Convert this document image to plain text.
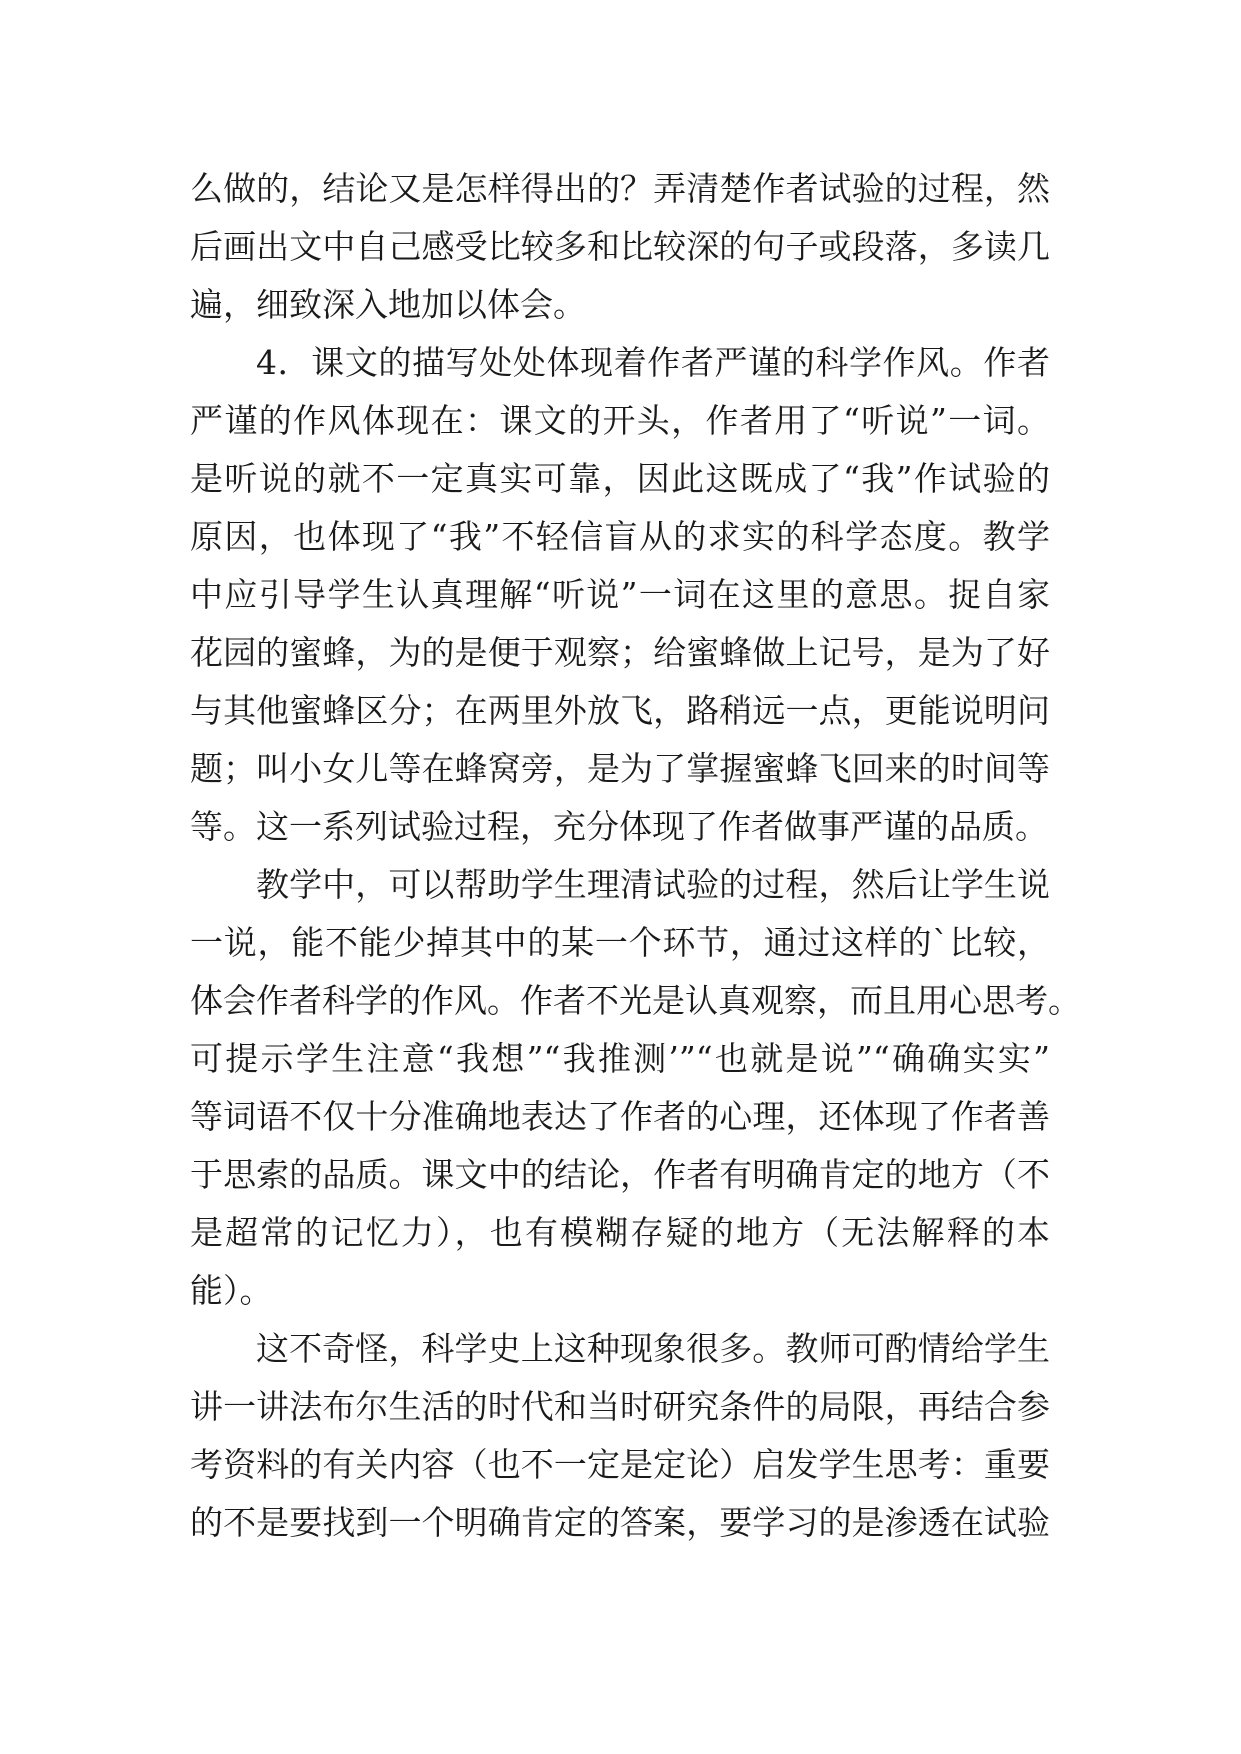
么做的，结论又是怎样得出的？弄清楚作者试验的过程，然
后画出文中自己感受比较多和比较深的句子或段落，多读几
遍，细致深入地加以体会。
4．课文的描写处处体现着作者严谨的科学作风。作者
严谨的作风体现在：课文的开头，作者用了“听说”一词。
是听说的就不一定真实可靠，因此这既成了“我”作试验的
原因，也体现了“我”不轻信盲从的求实的科学态度。教学
中应引导学生认真理解“听说”一词在这里的意思。捉自家
花园的蜜蜂，为的是便于观察；给蜜蜂做上记号，是为了好
与其他蜜蜂区分；在两里外放飞，路稍远一点，更能说明问
题；叫小女儿等在蜂窝旁，是为了掌握蜜蜂飞回来的时间等
等。这一系列试验过程，充分体现了作者做事严谨的品质。
教学中，可以帮助学生理清试验的过程，然后让学生说
一说，能不能少掉其中的某一个环节，通过这样的`比较，
体会作者科学的作风。作者不光是认真观察，而且用心思考。
可提示学生注意“我想”“我推测’”“也就是说”“确确实实”
等词语不仅十分准确地表达了作者的心理，还体现了作者善
于思索的品质。课文中的结论，作者有明确肯定的地方（不
是超常的记忆力），也有模糊存疑的地方（无法解释的本
能）。
这不奇怪，科学史上这种现象很多。教师可酌情给学生
讲一讲法布尔生活的时代和当时研究条件的局限，再结合参
考资料的有关内容（也不一定是定论）启发学生思考：重要
的不是要找到一个明确肯定的答案，要学习的是渗透在试验
